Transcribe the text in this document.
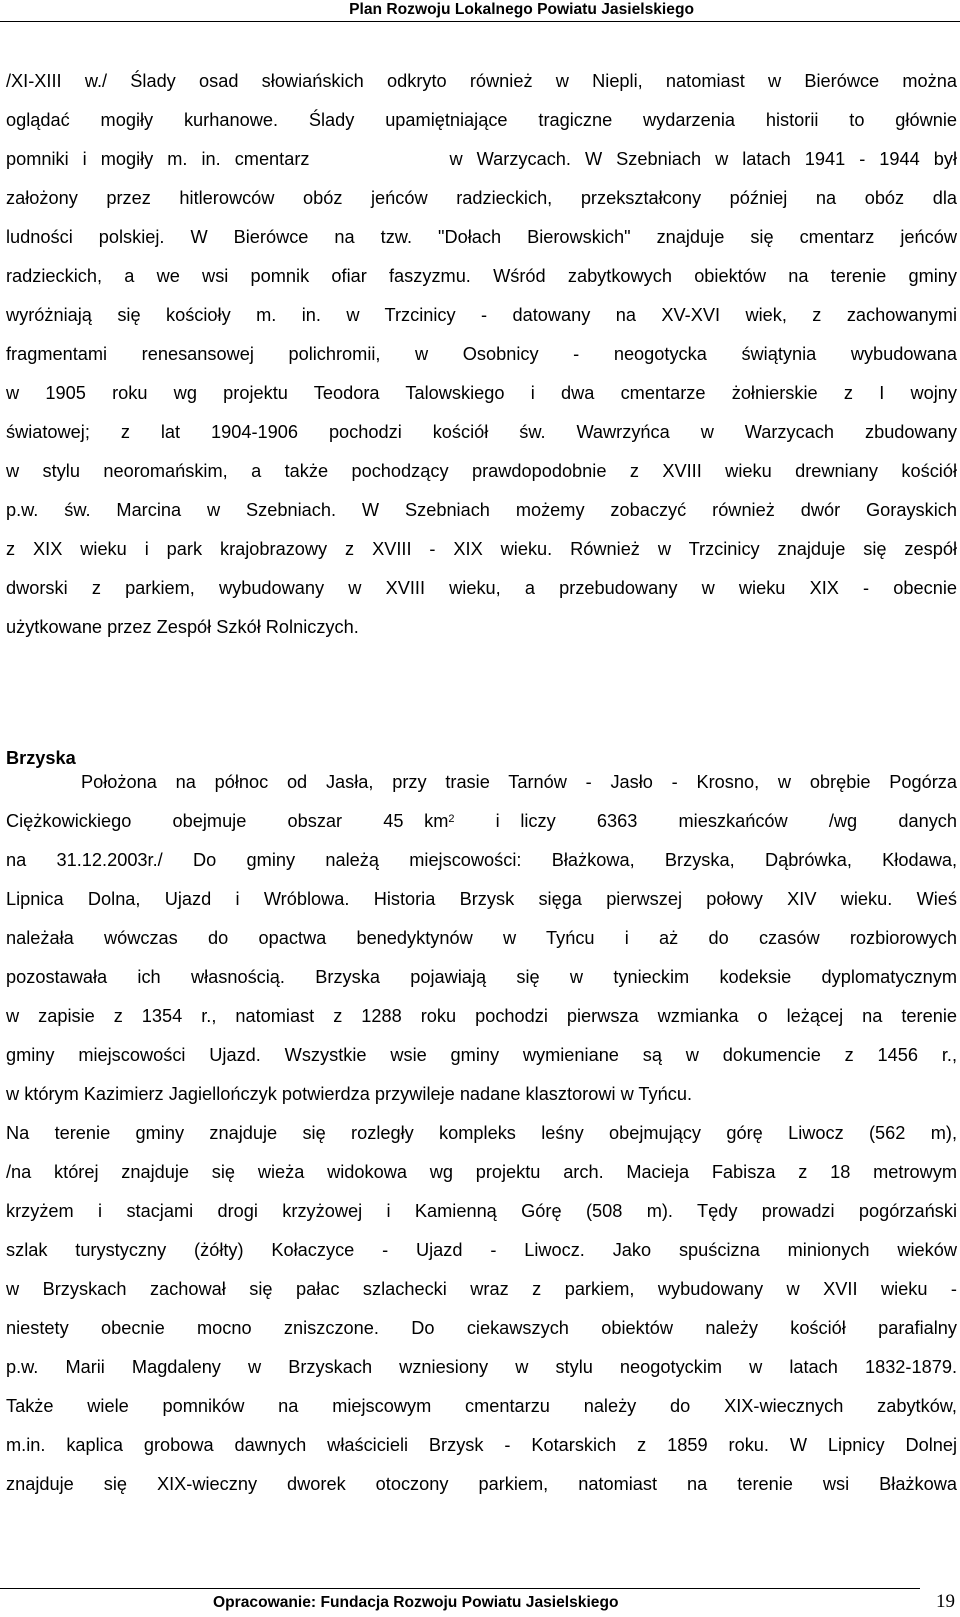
Plan Rozwoju Lokalnego Powiatu Jasielskiego
/XI-XIII w./ Ślady osad słowiańskich odkryto również w Niepli, natomiast w Bierówce można
oglądać mogiły kurhanowe. Ślady upamiętniające tragiczne wydarzenia historii to głównie
pomniki i mogiły m. in. cmentarz          w Warzycach. W Szebniach w latach 1941 - 1944 był
założony przez hitlerowców obóz jeńców radzieckich, przekształcony później na obóz dla
ludności polskiej. W Bierówce na tzw. "Dołach Bierowskich" znajduje się cmentarz jeńców
radzieckich, a we wsi pomnik ofiar faszyzmu. Wśród zabytkowych obiektów na terenie gminy
wyróżniają się kościoły m. in. w Trzcinicy - datowany na XV-XVI wiek, z zachowanymi
fragmentami renesansowej polichromii, w Osobnicy - neogotycka świątynia wybudowana
w 1905 roku wg projektu Teodora Talowskiego i dwa cmentarze żołnierskie z I wojny
światowej; z lat 1904-1906 pochodzi kościół św. Wawrzyńca w Warzycach zbudowany
w stylu neoromańskim, a także pochodzący prawdopodobnie z XVIII wieku drewniany kościół
p.w. św. Marcina w Szebniach. W Szebniach możemy zobaczyć również dwór Gorayskich
z XIX wieku i park krajobrazowy z XVIII - XIX wieku. Również w Trzcinicy znajduje się zespół
dworski z parkiem, wybudowany w XVIII wieku, a przebudowany w wieku XIX - obecnie
użytkowane przez Zespół Szkół Rolniczych.
Brzyska
Położona na północ od Jasła, przy trasie Tarnów - Jasło - Krosno, w obrębie Pogórza
Ciężkowickiego  obejmuje  obszar  45 $km^2$  i liczy  6363  mieszkańców  /wg  danych
na 31.12.2003r./ Do gminy należą miejscowości: Błażkowa, Brzyska, Dąbrówka, Kłodawa,
Lipnica Dolna, Ujazd i Wróblowa. Historia Brzysk sięga pierwszej połowy XIV wieku. Wieś
należała wówczas do opactwa benedyktynów w Tyńcu i aż do czasów rozbiorowych
pozostawała ich własnością. Brzyska pojawiają się w tynieckim kodeksie dyplomatycznym
w zapisie z 1354 r., natomiast z 1288 roku pochodzi pierwsza wzmianka o leżącej na terenie
gminy miejscowości Ujazd. Wszystkie wsie gminy wymieniane są w dokumencie z 1456 r.,
w którym Kazimierz Jagiellończyk potwierdza przywileje nadane klasztorowi w Tyńcu.
Na terenie gminy znajduje się rozległy kompleks leśny obejmujący górę Liwocz (562 m),
/na której znajduje się wieża widokowa wg projektu arch. Macieja Fabisza z 18 metrowym
krzyżem i stacjami drogi krzyżowej i Kamienną Górę (508 m). Tędy prowadzi pogórzański
szlak turystyczny (żółty) Kołaczyce - Ujazd - Liwocz. Jako spuścizna minionych wieków
w Brzyskach zachował się pałac szlachecki wraz z parkiem, wybudowany w XVII wieku -
niestety obecnie mocno zniszczone. Do ciekawszych obiektów należy kościół parafialny
p.w. Marii Magdaleny w Brzyskach wzniesiony w stylu neogotyckim w latach 1832-1879.
Także wiele pomników na miejscowym cmentarzu należy do XIX-wiecznych zabytków,
m.in. kaplica grobowa dawnych właścicieli Brzysk - Kotarskich z 1859 roku. W Lipnicy Dolnej
znajduje się XIX-wieczny dworek otoczony parkiem, natomiast na terenie wsi Błażkowa
Opracowanie: Fundacja Rozwoju Powiatu Jasielskiego	19
